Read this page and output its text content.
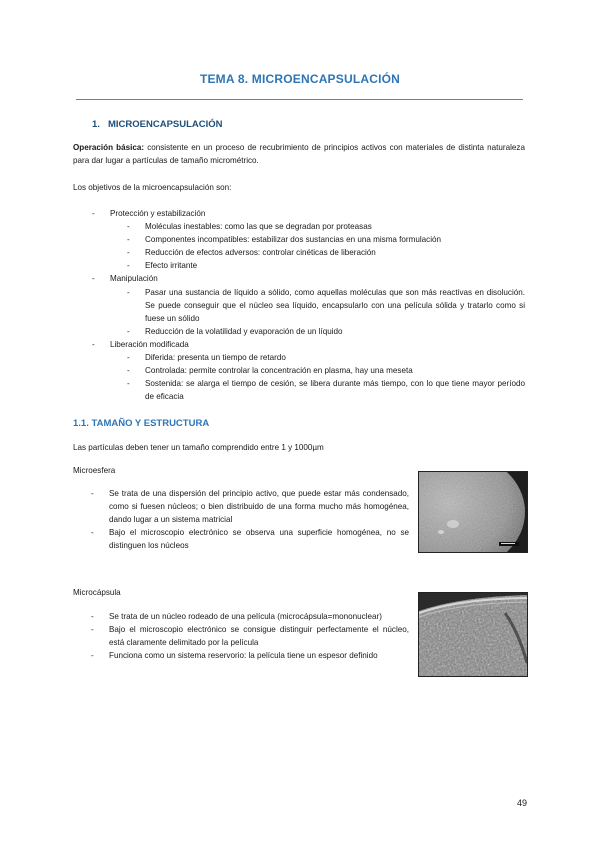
TEMA 8. MICROENCAPSULACIÓN
1. MICROENCAPSULACIÓN
Operación básica: consistente en un proceso de recubrimiento de principios activos con materiales de distinta naturaleza para dar lugar a partículas de tamaño micrométrico.
Los objetivos de la microencapsulación son:
- Protección y estabilización
- Moléculas inestables: como las que se degradan por proteasas
- Componentes incompatibles: estabilizar dos sustancias en una misma formulación
- Reducción de efectos adversos: controlar cinéticas de liberación
- Efecto irritante
- Manipulación
- Pasar una sustancia de líquido a sólido, como aquellas moléculas que son más reactivas en disolución. Se puede conseguir que el núcleo sea líquido, encapsularlo con una película sólida y tratarlo como si fuese un sólido
- Reducción de la volatilidad y evaporación de un líquido
- Liberación modificada
- Diferida: presenta un tiempo de retardo
- Controlada: permite controlar la concentración en plasma, hay una meseta
- Sostenida: se alarga el tiempo de cesión, se libera durante más tiempo, con lo que tiene mayor período de eficacia
1.1. TAMAÑO Y ESTRUCTURA
Las partículas deben tener un tamaño comprendido entre 1 y 1000µm
Microesfera
- Se trata de una dispersión del principio activo, que puede estar más condensado, como si fuesen núcleos; o bien distribuido de una forma mucho más homogénea, dando lugar a un sistema matricial
- Bajo el microscopio electrónico se observa una superficie homogénea, no se distinguen los núcleos
Microcápsula
- Se trata de un núcleo rodeado de una película (microcápsula=mononuclear)
- Bajo el microscopio electrónico se consigue distinguir perfectamente el núcleo, está claramente delimitado por la película
- Funciona como un sistema reservorio: la película tiene un espesor definido
49
